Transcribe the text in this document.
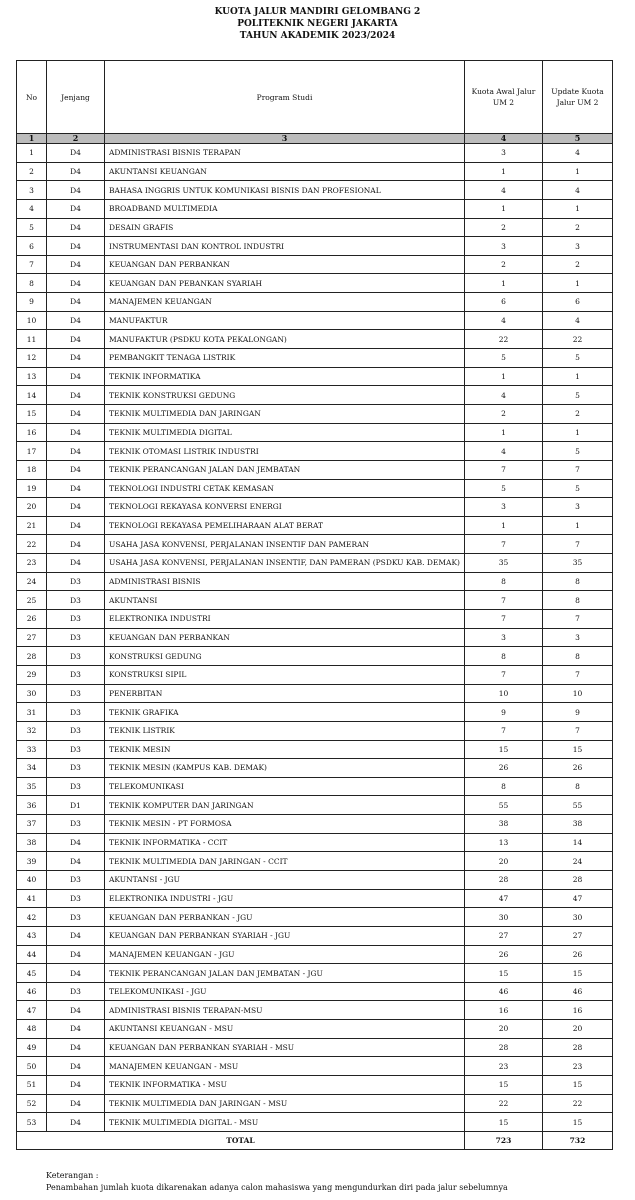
KUOTA JALUR MANDIRI GELOMBANG 2
POLITEKNIK NEGERI JAKARTA
TAHUN AKADEMIK 2023/2024
No	Jenjang	Program Studi	Kuota Awal Jalur UM 2	Update Kuota Jalur UM 2
1	2	3	4	5
1	D4	ADMINISTRASI BISNIS TERAPAN	3	4
2	D4	AKUNTANSI KEUANGAN	1	1
3	D4	BAHASA INGGRIS UNTUK KOMUNIKASI BISNIS DAN PROFESIONAL	4	4
4	D4	BROADBAND MULTIMEDIA	1	1
5	D4	DESAIN GRAFIS	2	2
6	D4	INSTRUMENTASI DAN KONTROL INDUSTRI	3	3
7	D4	KEUANGAN DAN PERBANKAN	2	2
8	D4	KEUANGAN DAN PEBANKAN SYARIAH	1	1
9	D4	MANAJEMEN KEUANGAN	6	6
10	D4	MANUFAKTUR	4	4
11	D4	MANUFAKTUR (PSDKU KOTA PEKALONGAN)	22	22
12	D4	PEMBANGKIT TENAGA LISTRIK	5	5
13	D4	TEKNIK INFORMATIKA	1	1
14	D4	TEKNIK KONSTRUKSI GEDUNG	4	5
15	D4	TEKNIK MULTIMEDIA DAN JARINGAN	2	2
16	D4	TEKNIK MULTIMEDIA DIGITAL	1	1
17	D4	TEKNIK OTOMASI LISTRIK INDUSTRI	4	5
18	D4	TEKNIK PERANCANGAN JALAN DAN JEMBATAN	7	7
19	D4	TEKNOLOGI INDUSTRI CETAK KEMASAN	5	5
20	D4	TEKNOLOGI REKAYASA KONVERSI ENERGI	3	3
21	D4	TEKNOLOGI REKAYASA PEMELIHARAAN ALAT BERAT	1	1
22	D4	USAHA JASA KONVENSI, PERJALANAN INSENTIF DAN PAMERAN	7	7
23	D4	USAHA JASA KONVENSI, PERJALANAN INSENTIF, DAN PAMERAN (PSDKU KAB. DEMAK)	35	35
24	D3	ADMINISTRASI BISNIS	8	8
25	D3	AKUNTANSI	7	8
26	D3	ELEKTRONIKA INDUSTRI	7	7
27	D3	KEUANGAN DAN PERBANKAN	3	3
28	D3	KONSTRUKSI GEDUNG	8	8
29	D3	KONSTRUKSI SIPIL	7	7
30	D3	PENERBITAN	10	10
31	D3	TEKNIK GRAFIKA	9	9
32	D3	TEKNIK LISTRIK	7	7
33	D3	TEKNIK MESIN	15	15
34	D3	TEKNIK MESIN (KAMPUS KAB. DEMAK)	26	26
35	D3	TELEKOMUNIKASI	8	8
36	D1	TEKNIK KOMPUTER DAN JARINGAN	55	55
37	D3	TEKNIK MESIN - PT FORMOSA	38	38
38	D4	TEKNIK INFORMATIKA - CCIT	13	14
39	D4	TEKNIK MULTIMEDIA DAN JARINGAN - CCIT	20	24
40	D3	AKUNTANSI - JGU	28	28
41	D3	ELEKTRONIKA INDUSTRI - JGU	47	47
42	D3	KEUANGAN DAN PERBANKAN - JGU	30	30
43	D4	KEUANGAN DAN PERBANKAN SYARIAH - JGU	27	27
44	D4	MANAJEMEN KEUANGAN - JGU	26	26
45	D4	TEKNIK PERANCANGAN JALAN DAN JEMBATAN - JGU	15	15
46	D3	TELEKOMUNIKASI - JGU	46	46
47	D4	ADMINISTRASI BISNIS TERAPAN-MSU	16	16
48	D4	AKUNTANSI KEUANGAN - MSU	20	20
49	D4	KEUANGAN DAN PERBANKAN SYARIAH - MSU	28	28
50	D4	MANAJEMEN KEUANGAN - MSU	23	23
51	D4	TEKNIK INFORMATIKA - MSU	15	15
52	D4	TEKNIK MULTIMEDIA DAN JARINGAN - MSU	22	22
53	D4	TEKNIK MULTIMEDIA DIGITAL - MSU	15	15
TOTAL			723	732
Keterangan :
Penambahan jumlah kuota dikarenakan adanya calon mahasiswa yang mengundurkan diri pada jalur sebelumnya
